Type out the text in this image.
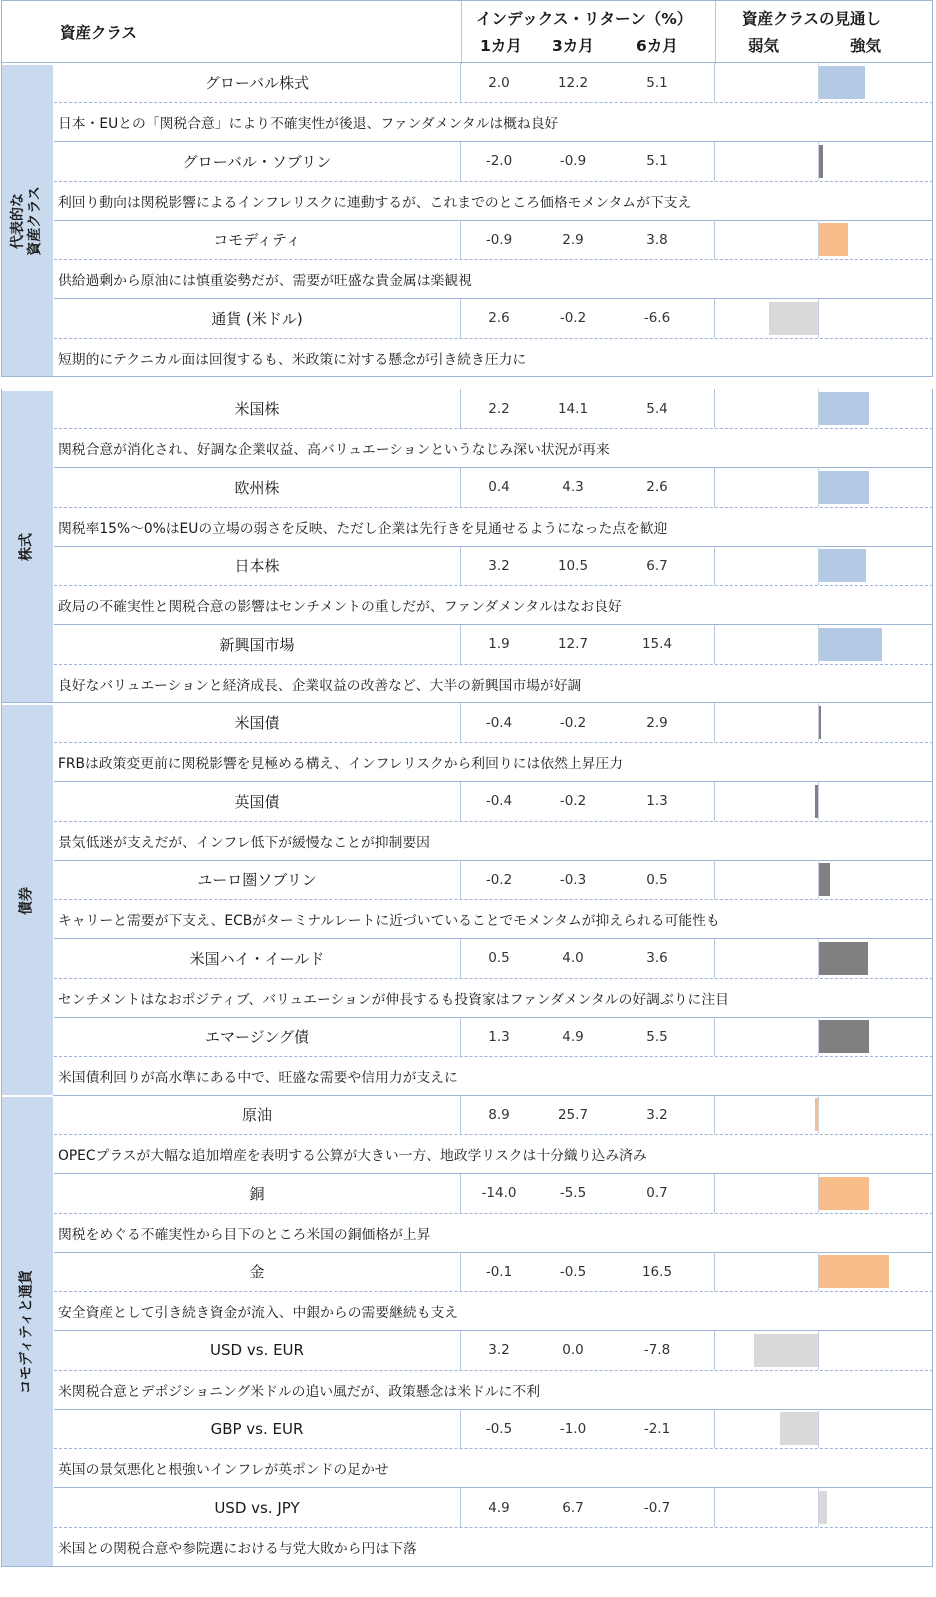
資産クラス
インデックス・リターン（%）
1カ月 3カ月	6カ月
資産クラスの見通し
弱気	強気
代表的な
資産クラス
グローバル株式	2.0	12.2	5.1
日本・EUとの「関税合意」により不確実性が後退、ファンダメンタルは概ね良好
グローバル・ソブリン	-2.0	-0.9	5.1
利回り動向は関税影響によるインフレリスクに連動するが、これまでのところ価格モメンタムが下支え
コモディティ	-0.9	2.9	3.8
供給過剰から原油には慎重姿勢だが、需要が旺盛な貴金属は楽観視
通貨 (米ドル)	2.6	-0.2	-6.6
短期的にテクニカル面は回復するも、米政策に対する懸念が引き続き圧力に
株式
米国株	2.2	14.1	5.4
関税合意が消化され、好調な企業収益、高バリュエーションというなじみ深い状況が再来
欧州株	0.4	4.3	2.6
関税率15%～0%はEUの立場の弱さを反映、ただし企業は先行きを見通せるようになった点を歓迎
日本株	3.2	10.5	6.7
政局の不確実性と関税合意の影響はセンチメントの重しだが、ファンダメンタルはなお良好
新興国市場	1.9	12.7	15.4
良好なバリュエーションと経済成長、企業収益の改善など、大半の新興国市場が好調
債券
米国債	-0.4	-0.2	2.9
FRBは政策変更前に関税影響を見極める構え、インフレリスクから利回りには依然上昇圧力
英国債	-0.4	-0.2	1.3
景気低迷が支えだが、インフレ低下が緩慢なことが抑制要因
ユーロ圏ソブリン	-0.2	-0.3	0.5
キャリーと需要が下支え、ECBがターミナルレートに近づいていることでモメンタムが抑えられる可能性も
米国ハイ・イールド	0.5	4.0	3.6
センチメントはなおポジティブ、バリュエーションが伸長するも投資家はファンダメンタルの好調ぶりに注目
エマージング債	1.3	4.9	5.5
米国債利回りが高水準にある中で、旺盛な需要や信用力が支えに
コモディティと通貨
原油	8.9	25.7	3.2
OPECプラスが大幅な追加増産を表明する公算が大きい一方、地政学リスクは十分織り込み済み
銅	-14.0	-5.5	0.7
関税をめぐる不確実性から目下のところ米国の銅価格が上昇
金	-0.1	-0.5	16.5
安全資産として引き続き資金が流入、中銀からの需要継続も支え
USD vs. EUR	3.2	0.0	-7.8
米関税合意とデポジショニング米ドルの追い風だが、政策懸念は米ドルに不利
GBP vs. EUR	-0.5	-1.0	-2.1
英国の景気悪化と根強いインフレが英ポンドの足かせ
USD vs. JPY	4.9	6.7	-0.7
米国との関税合意や参院選における与党大敗から円は下落
